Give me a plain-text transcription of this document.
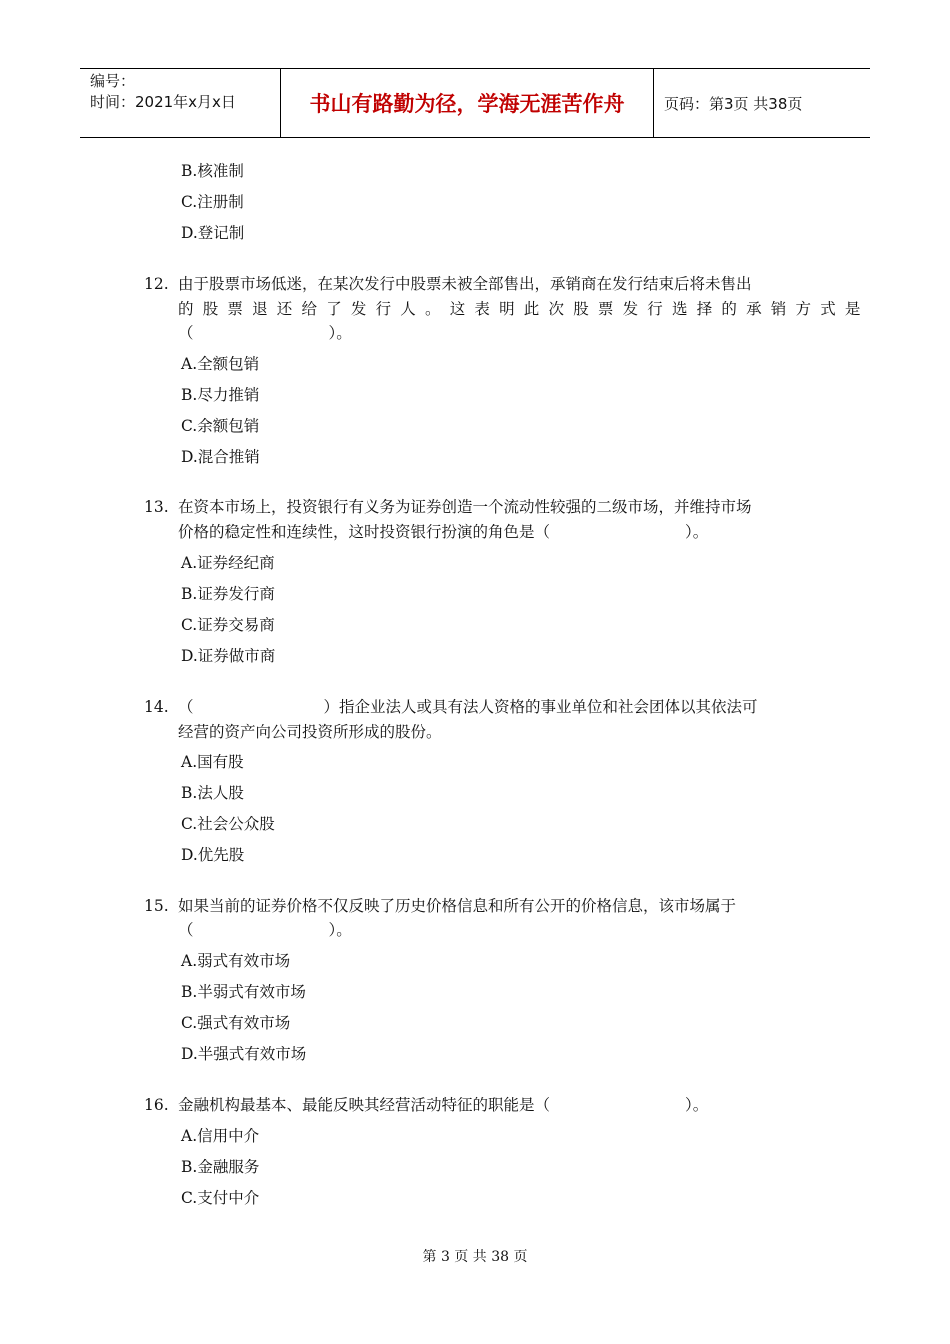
编号：
时间：2021年x月x日	书山有路勤为径，学海无涯苦作舟	页码：第3页 共38页
B.核准制
C.注册制
D.登记制
12. 由于股票市场低迷，在某次发行中股票未被全部售出，承销商在发行结束后将未售出
的股票退还给了发行人。这表明此次股票发行选择的承销方式是
（	）。
A.全额包销
B.尽力推销
C.余额包销
D.混合推销
13. 在资本市场上，投资银行有义务为证券创造一个流动性较强的二级市场，并维持市场
价格的稳定性和连续性，这时投资银行扮演的角色是（	）。
A.证券经纪商
B.证券发行商
C.证券交易商
D.证券做市商
14. （	）指企业法人或具有法人资格的事业单位和社会团体以其依法可
经营的资产向公司投资所形成的股份。
A.国有股
B.法人股
C.社会公众股
D.优先股
15. 如果当前的证券价格不仅反映了历史价格信息和所有公开的价格信息，该市场属于
（	）。
A.弱式有效市场
B.半弱式有效市场
C.强式有效市场
D.半强式有效市场
16. 金融机构最基本、最能反映其经营活动特征的职能是（	）。
A.信用中介
B.金融服务
C.支付中介
第 3 页 共 38 页
